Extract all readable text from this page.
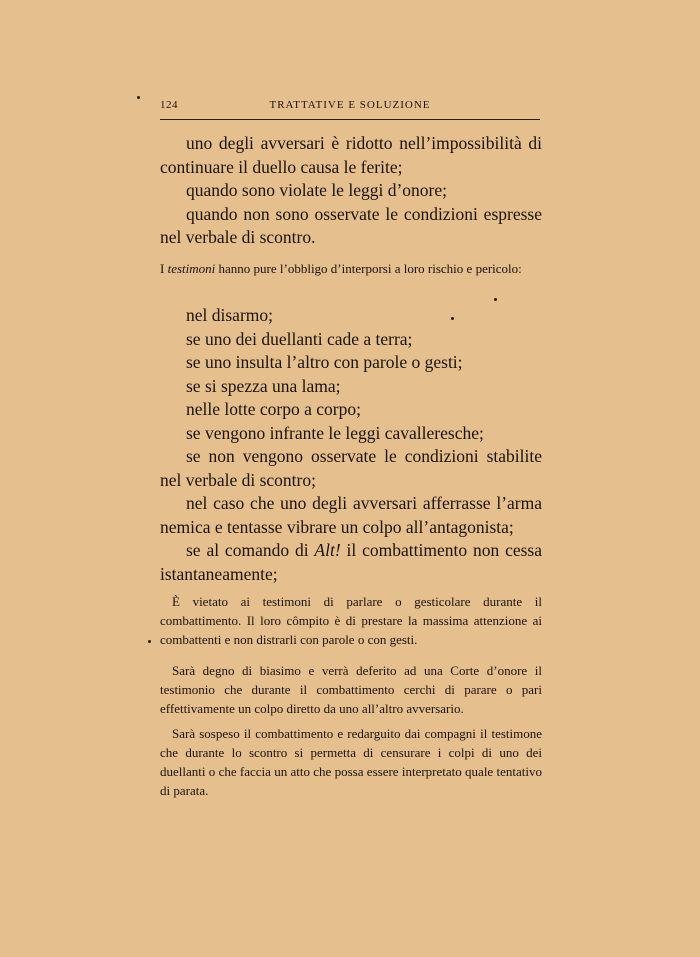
124	TRATTATIVE E SOLUZIONE

uno degli avversari è ridotto nell’impossibilità di continuare il duello causa le ferite;

quando sono violate le leggi d’onore;

quando non sono osservate le condizioni espresse nel verbale di scontro.

I testimoni hanno pure l’obbligo d’interporsi a loro rischio e pericolo:

nel disarmo;

se uno dei duellanti cade a terra;

se uno insulta l’altro con parole o gesti;

se si spezza una lama;

nelle lotte corpo a corpo;

se vengono infrante le leggi cavalleresche;

se non vengono osservate le condizioni stabilite nel verbale di scontro;

nel caso che uno degli avversari afferrasse l’arma nemica e tentasse vibrare un colpo all’antagonista;

se al comando di Alt! il combattimento non cessa istantaneamente;

È vietato ai testimoni di parlare o gesticolare durante il combattimento. Il loro cômpito è di prestare la massima attenzione ai combattenti e non distrarli con parole o con gesti.

Sarà degno di biasimo e verrà deferito ad una Corte d’onore il testimonio che durante il combattimento cerchi di parare o pari effettivamente un colpo diretto da uno all’altro avversario.

Sarà sospeso il combattimento e redarguito dai compagni il testimone che durante lo scontro si permetta di censurare i colpi di uno dei duellanti o che faccia un atto che possa essere interpretato quale tentativo di parata.
